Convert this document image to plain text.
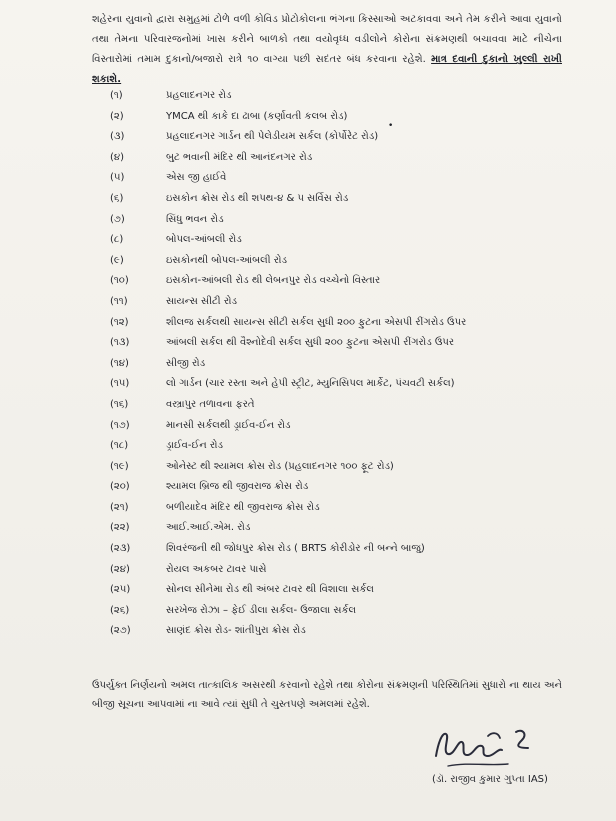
શહેરના યુવાનો દ્વારા સમુહમાં ટોળે વળી કોવિડ પ્રોટોકોલના ભંગના કિસ્સાઓ અટકાવવા અને તેમ કરીને આવા યુવાનો તથા તેમના પરિવારજનોમાં ખાસ કરીને બાળકો તથા વયોવૃધ્ધ વડીલોને કોરોના સંક્રમણથી બચાવવા માટે નીચેના વિસ્તારોમાં તમામ દુકાનો/બજારો રાત્રે ૧૦ વાગ્યા પછી સદંતર બંધ કરવાના રહેશે. માત્ર દવાની દુકાનો ખુલ્લી રાખી શકાશે.
(૧)	પ્રહલાદનગર રોડ
(૨)	YMCA થી કાકે દા ઢાબા (કર્ણાવતી કલબ રોડ)
(૩)	પ્રહલાદનગર ગાર્ડન થી પેલેડીયમ સર્કલ (કોર્પોરેટ રોડ)
(૪)	બુટ ભવાની મંદિર થી આનંદનગર રોડ
(૫)	એસ જી હાઈવે
(૬)	ઇસકોન ક્રોસ રોડ થી શપથ-૪ & ૫ સર્વિસ રોડ
(૭)	સિંધુ ભવન રોડ
(૮)	બોપલ-આંબલી રોડ
(૯)	ઇસકોનથી બોપલ-આંબલી રોડ
(૧૦)	ઇસકોન-આંબલી રોડ થી લેબનપુર રોડ વચ્ચેનો વિસ્તાર
(૧૧)	સાયન્સ સીટી રોડ
(૧૨)	શીલજ સર્કલથી સાયન્સ સીટી સર્કલ સુધી ૨૦૦ ફુટના એસપી રીંગરોડ ઉપર
(૧૩)	આંબલી સર્કલ થી વૈશ્નોદેવી સર્કલ સુધી ૨૦૦ ફુટના એસપી રીંગરોડ ઉપર
(૧૪)	સીજી રોડ
(૧૫)	લો ગાર્ડન (ચાર રસ્તા અને હેપી સ્ટ્રીટ, મ્યુનિસિપલ માર્કેટ, પંચવટી સર્કલ)
(૧૬)	વસ્ત્રાપુર તળાવના ફરતે
(૧૭)	માનસી સર્કલથી ડ્રાઈવ-ઈન રોડ
(૧૮)	ડ્રાઈવ-ઈન રોડ
(૧૯)	ઓનેસ્ટ થી શ્યામલ ક્રોસ રોડ (પ્રહલાદનગર ૧૦૦ ફૂટ રોડ)
(૨૦)	શ્યામલ બ્રિજ થી જીવરાજ ક્રોસ રોડ
(૨૧)	બળીયાદેવ મંદિર થી જીવરાજ ક્રોસ રોડ
(૨૨)	આઈ.આઈ.એમ. રોડ
(૨૩)	શિવરંજની થી જોધપુર ક્રોસ રોડ ( BRTS કોરીડોર ની બન્ને બાજુ)
(૨૪)	રોયલ અકબર ટાવર પાસે
(૨૫)	સોનલ સીનેમા રોડ થી અંબર ટાવર થી વિશાલા સર્કલ
(૨૬)	સરખેજ રોઝા – ફેઈ ડીલા સર્કલ- ઉજાલા સર્કલ
(૨૭)	સાણંદ ક્રોસ રોડ- શાંતીપુરા ક્રોસ રોડ
•
ઉપર્યુક્ત નિર્ણયનો અમલ તાત્કાલિક અસરથી કરવાનો રહેશે તથા કોરોના સંક્રમણની પરિસ્થિતિમાં સુધારો ના થાય અને બીજી સૂચના આપવામાં ના આવે ત્યાં સુધી તે ચુસ્તપણે અમલમાં રહેશે.
(ડૉ. રાજીવ કુમાર ગુપ્તા IAS)
